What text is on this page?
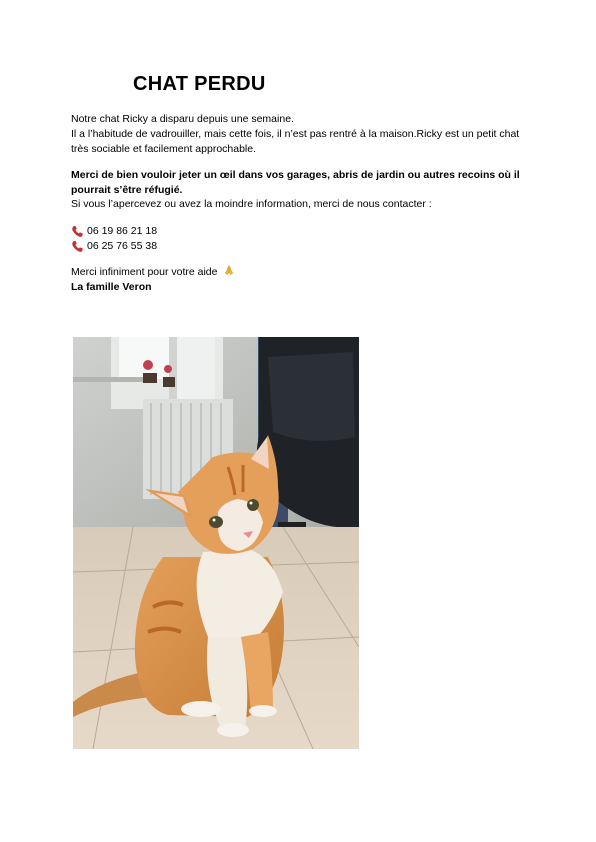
CHAT PERDU
Notre chat Ricky a disparu depuis une semaine.
Il a l’habitude de vadrouiller, mais cette fois, il n’est pas rentré à la maison.Ricky est un petit chat très sociable et facilement approchable.
Merci de bien vouloir jeter un œil dans vos garages, abris de jardin ou autres recoins où il pourrait s’être réfugié.
Si vous l’apercevez ou avez la moindre information, merci de nous contacter :
06 19 86 21 18
06 25 76 55 38
Merci infiniment pour votre aide
La famille Veron
